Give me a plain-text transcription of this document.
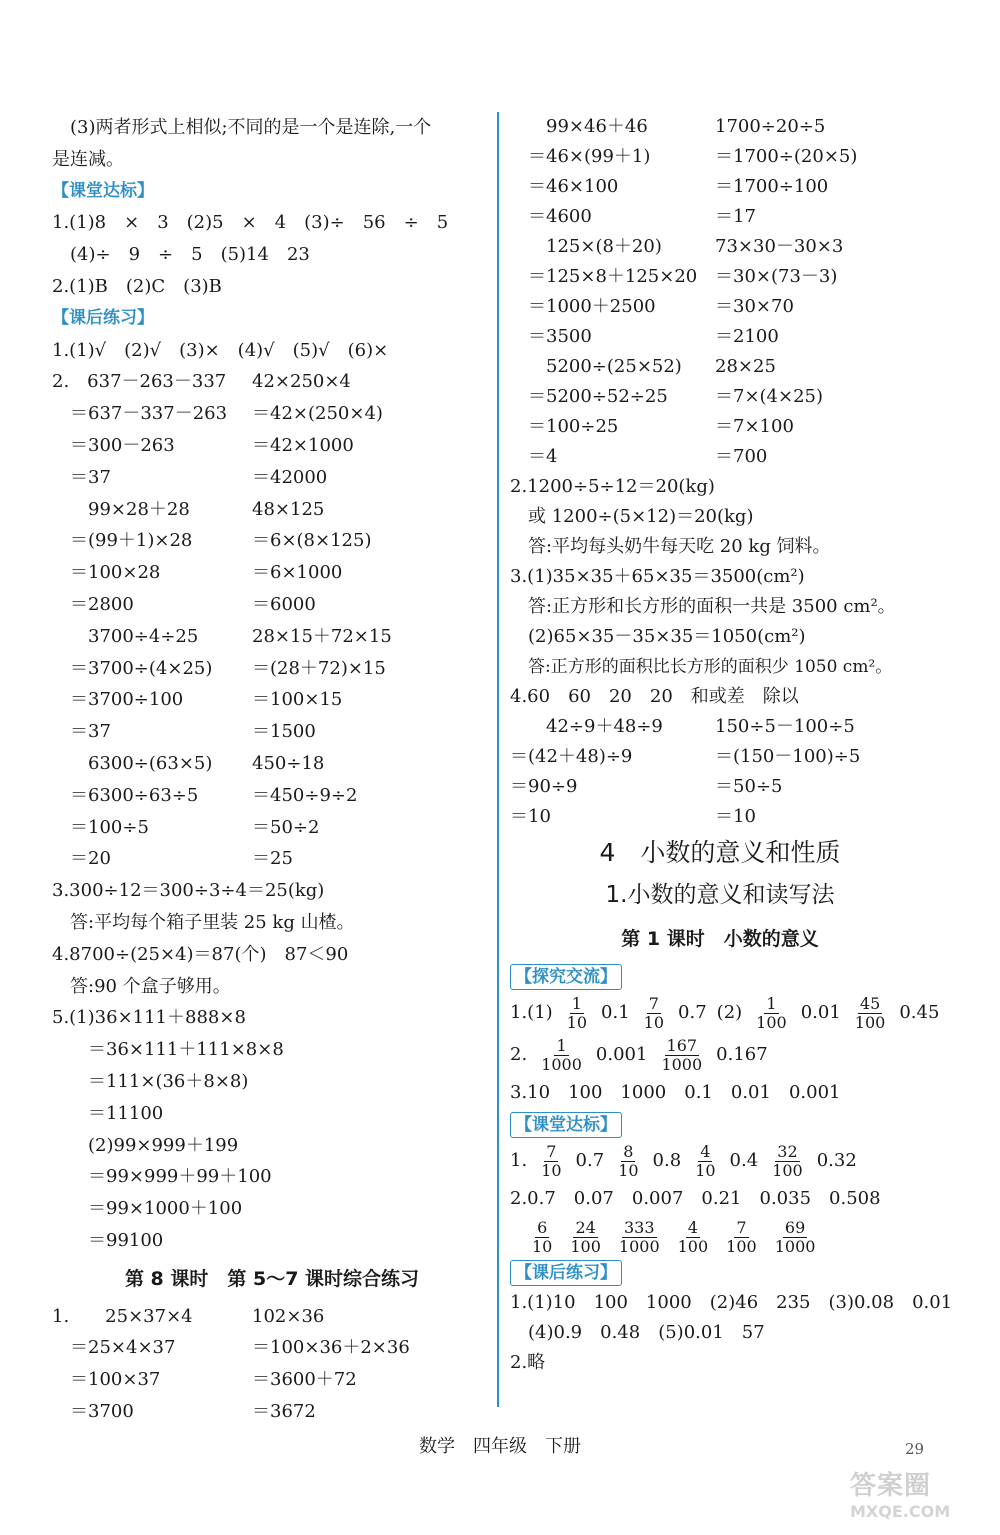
(3)两者形式上相似;不同的是一个是连除,一个
是连减。
【课堂达标】
1.(1)8　×　3　(2)5　×　4　(3)÷　56　÷　5
(4)÷　9　÷　5　(5)14　23
2.(1)B　(2)C　(3)B
【课后练习】
1.(1)√　(2)√　(3)×　(4)√　(5)√　(6)×
2.　637－263－337 42×250×4
＝637－337－263 ＝42×(250×4)
＝300－263	＝42×1000
＝37	＝42000
　99×28＋28	48×125
＝(99＋1)×28	＝6×(8×125)
＝100×28	＝6×1000
＝2800	＝6000
　3700÷4÷25	28×15＋72×15
＝3700÷(4×25) ＝(28＋72)×15
＝3700÷100	＝100×15
＝37	＝1500
　6300÷(63×5) 450÷18
＝6300÷63÷5	＝450÷9÷2
＝100÷5	＝50÷2
＝20	＝25
3.300÷12＝300÷3÷4＝25(kg)
答:平均每个箱子里装 25 kg 山楂。
4.8700÷(25×4)＝87(个)　87＜90
答:90 个盒子够用。
5.(1)36×111＋888×8
　＝36×111＋111×8×8
　＝111×(36＋8×8)
　＝11100
　(2)99×999＋199
　＝99×999＋99＋100
　＝99×1000＋100
　＝99100
第 8 课时　第 5～7 课时综合练习
1.　　25×37×4	102×36
＝25×4×37	＝100×36＋2×36
＝100×37	＝3600＋72
＝3700	＝3672
　99×46＋46	1700÷20÷5
＝46×(99＋1)	＝1700÷(20×5)
＝46×100	＝1700÷100
＝4600	＝17
　125×(8＋20)	73×30－30×3
＝125×8＋125×20 ＝30×(73－3)
＝1000＋2500	＝30×70
＝3500	＝2100
　5200÷(25×52) 28×25
＝5200÷52÷25	＝7×(4×25)
＝100÷25	＝7×100
＝4	＝700
2.1200÷5÷12＝20(kg)
或 1200÷(5×12)＝20(kg)
答:平均每头奶牛每天吃 20 kg 饲料。
3.(1)35×35＋65×35＝3500(cm²)
答:正方形和长方形的面积一共是 3500 cm²。
(2)65×35－35×35＝1050(cm²)
答:正方形的面积比长方形的面积少 1050 cm²。
4.60　60　20　20　和或差　除以
　42÷9＋48÷9	150÷5－100÷5
＝(42＋48)÷9	＝(150－100)÷5
＝90÷9	＝50÷5
＝10	＝10
4　小数的意义和性质
1.小数的意义和读写法
第 1 课时　小数的意义
【探究交流】
$1.(1) \frac{1}{10} 0.1 \frac{7}{10} 0.7$ $(2) \frac{1}{100} 0.01 \frac{45}{100} 0.45$
2. $\frac{1}{1000} 0.001 \frac{167}{1000} 0.167$
3.10　100　1000　0.1　0.01　0.001
【课堂达标】
1. $\frac{7}{10} 0.7 \frac{8}{10} 0.8 \frac{4}{10} 0.4 \frac{32}{100} 0.32$
2.0.7　0.07　0.007　0.21　0.035　0.508
$\frac{6}{10} \frac{24}{100} \frac{333}{1000} \frac{4}{100} \frac{7}{100} \frac{69}{1000}$
【课后练习】
1.(1)10　100　1000　(2)46　235　(3)0.08　0.01
(4)0.9　0.48　(5)0.01　57
2.略
数学　四年级　下册	29
答案圈
MXQE.COM
